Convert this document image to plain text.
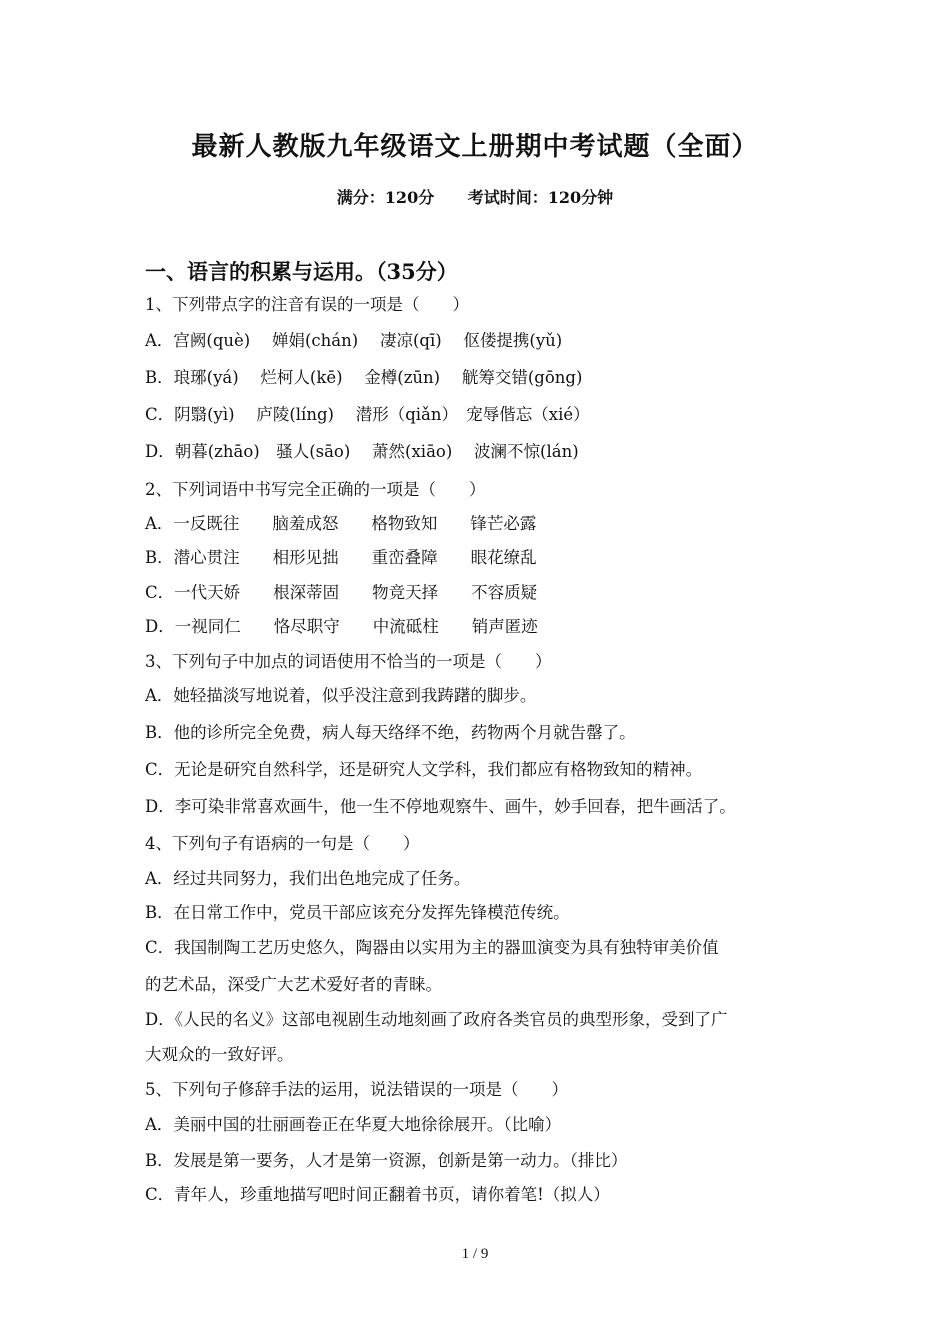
最新人教版九年级语文上册期中考试题（全面）
满分：120分 考试时间：120分钟
一、语言的积累与运用。（35分）
1、下列带点字的注音有误的一项是（　　）
A．宫阙(què)　 婵娟(chán)　 凄凉(qī)　 伛偻提携(yǔ)
B．琅琊(yá)　 烂柯人(kē)　 金樽(zūn)　 觥筹交错(gōng)
C．阴翳(yì)　 庐陵(líng)　 潜形（qiǎn）　宠辱偕忘（xié）
D．朝暮(zhāo)　骚人(sāo)　 萧然(xiāo)　 波澜不惊(lán)
2、下列词语中书写完全正确的一项是（　　）
A．一反既往　　脑羞成怒　　格物致知　　锋芒必露
B．潜心贯注　　相形见拙　　重峦叠障　　眼花缭乱
C．一代天娇　　根深蒂固　　物竞天择　　不容质疑
D．一视同仁　　恪尽职守　　中流砥柱　　销声匿迹
3、下列句子中加点的词语使用不恰当的一项是（　　）
A．她轻描淡写地说着，似乎没注意到我踌躇的脚步。
B．他的诊所完全免费，病人每天络绎不绝，药物两个月就告罄了。
C．无论是研究自然科学，还是研究人文学科，我们都应有格物致知的精神。
D．李可染非常喜欢画牛，他一生不停地观察牛、画牛，妙手回春，把牛画活了。
4、下列句子有语病的一句是（　　）
A．经过共同努力，我们出色地完成了任务。
B．在日常工作中，党员干部应该充分发挥先锋模范传统。
C．我国制陶工艺历史悠久，陶器由以实用为主的器皿演变为具有独特审美价值
的艺术品，深受广大艺术爱好者的青睐。
D．《人民的名义》这部电视剧生动地刻画了政府各类官员的典型形象，受到了广
大观众的一致好评。
5、下列句子修辞手法的运用，说法错误的一项是（　　）
A．美丽中国的壮丽画卷正在华夏大地徐徐展开。（比喻）
B．发展是第一要务，人才是第一资源，创新是第一动力。（排比）
C．青年人，珍重地描写吧时间正翻着书页，请你着笔!（拟人）
1 / 9
